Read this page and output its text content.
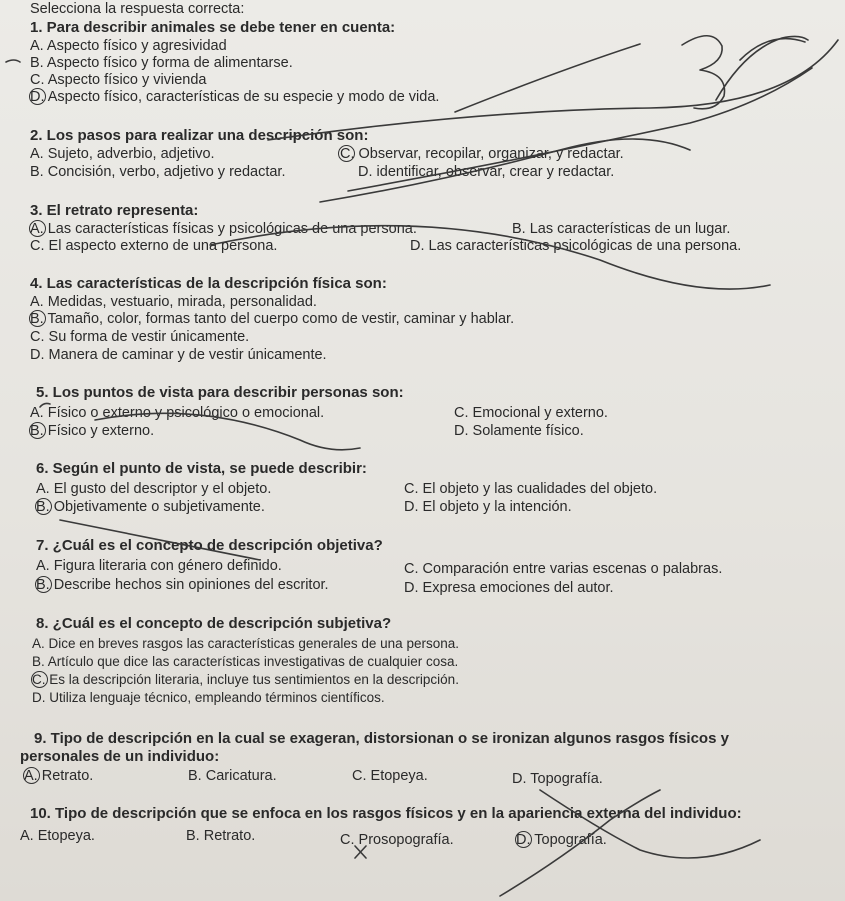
Selecciona la respuesta correcta:
1. Para describir animales se debe tener en cuenta:
A. Aspecto físico y agresividad
B. Aspecto físico y forma de alimentarse.
C. Aspecto físico y vivienda
D. Aspecto físico, características de su especie y modo de vida.
2. Los pasos para realizar una descripción son:
A. Sujeto, adverbio, adjetivo.
B. Concisión, verbo, adjetivo y redactar.
C. Observar, recopilar, organizar, y redactar.
D. identificar, observar, crear y redactar.
3. El retrato representa:
A. Las características físicas y psicológicas de una persona.	B. Las características de un lugar.
C. El aspecto externo de una persona.	D. Las características psicológicas de una persona.
4. Las características de la descripción física son:
A. Medidas, vestuario, mirada, personalidad.
B. Tamaño, color, formas tanto del cuerpo como de vestir, caminar y hablar.
C. Su forma de vestir únicamente.
D. Manera de caminar y de vestir únicamente.
5. Los puntos de vista para describir personas son:
A. Físico o externo y psicológico o emocional.	C. Emocional y externo.
B. Físico y externo.	D. Solamente físico.
6. Según el punto de vista, se puede describir:
A. El gusto del descriptor y el objeto.	C. El objeto y las cualidades del objeto.
B. Objetivamente o subjetivamente.	D. El objeto y la intención.
7. ¿Cuál es el concepto de descripción objetiva?
A. Figura literaria con género definido.	C. Comparación entre varias escenas o palabras.
B. Describe hechos sin opiniones del escritor.	D. Expresa emociones del autor.
8. ¿Cuál es el concepto de descripción subjetiva?
A. Dice en breves rasgos las características generales de una persona.
B. Artículo que dice las características investigativas de cualquier cosa.
C. Es la descripción literaria, incluye tus sentimientos en la descripción.
D. Utiliza lenguaje técnico, empleando términos científicos.
9. Tipo de descripción en la cual se exageran, distorsionan o se ironizan algunos rasgos físicos y
personales de un individuo:
A. Retrato.	B. Caricatura.	C. Etopeya.	D. Topografía.
10. Tipo de descripción que se enfoca en los rasgos físicos y en la apariencia externa del individuo:
A. Etopeya.	B. Retrato.	C. Prosopografía.	D. Topografía.
